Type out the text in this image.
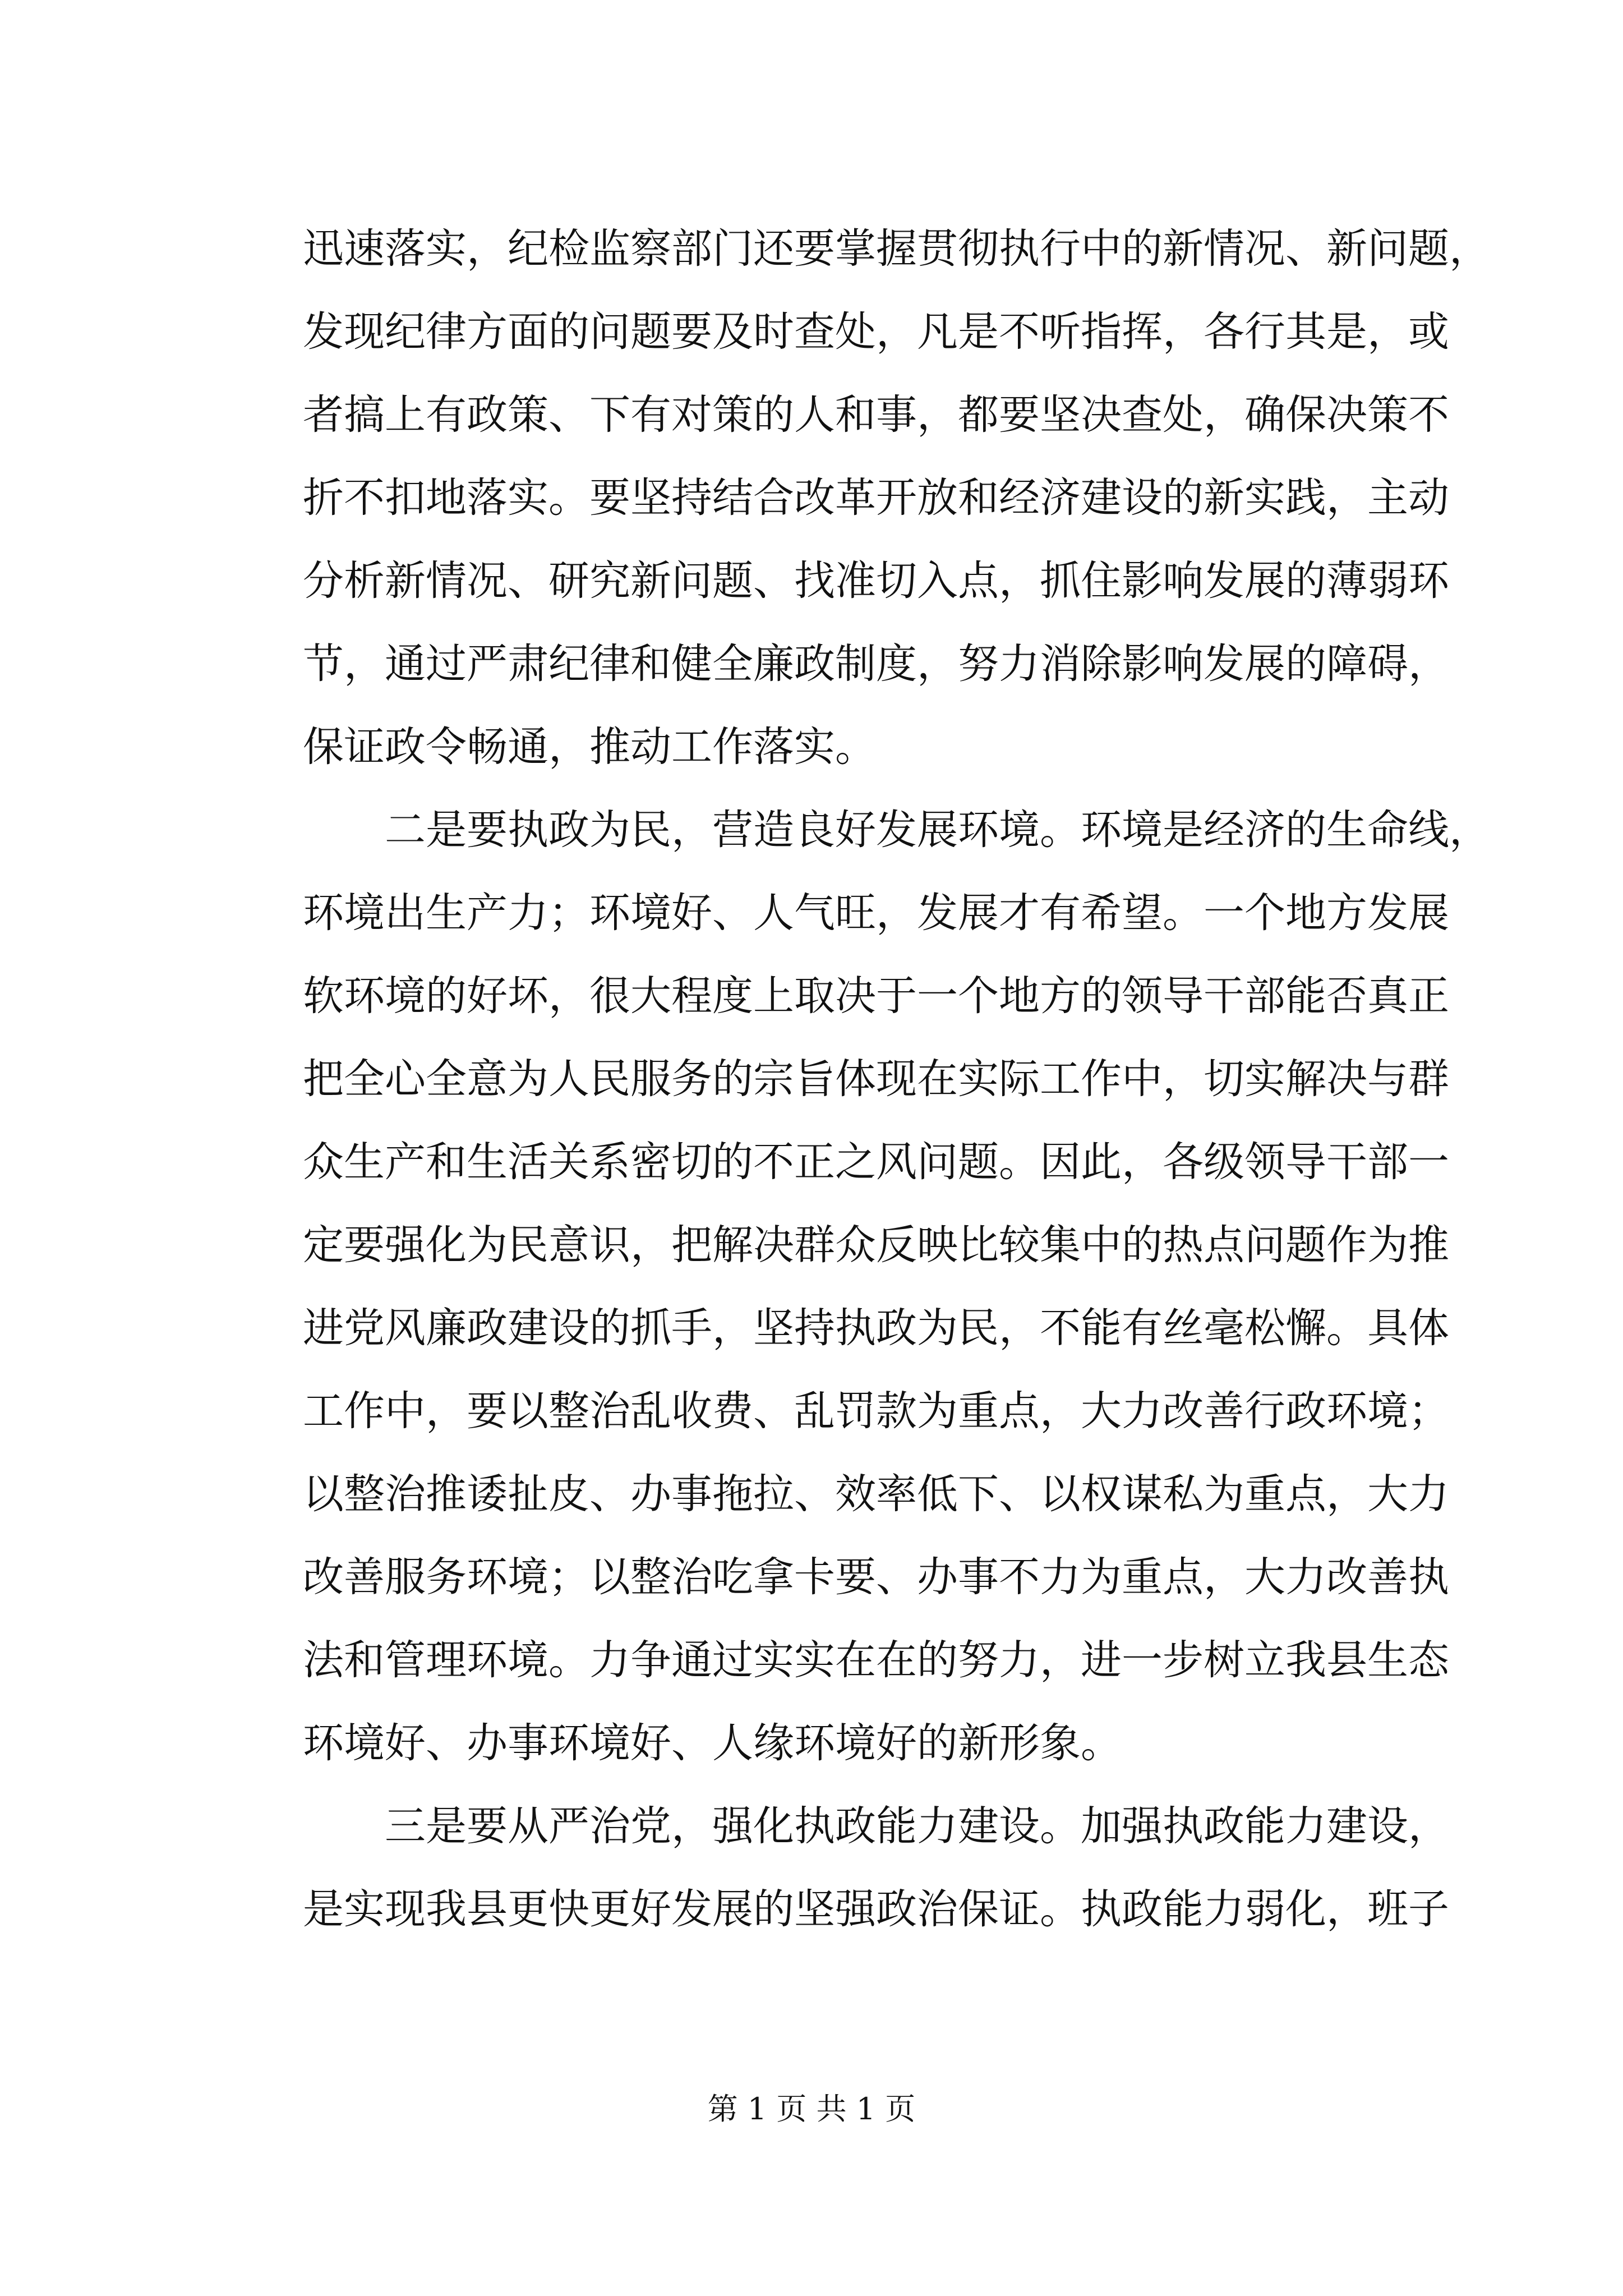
迅速落实，纪检监察部门还要掌握贯彻执行中的新情况、新问题，
发现纪律方面的问题要及时查处，凡是不听指挥，各行其是，或
者搞上有政策、下有对策的人和事，都要坚决查处，确保决策不
折不扣地落实。要坚持结合改革开放和经济建设的新实践，主动
分析新情况、研究新问题、找准切入点，抓住影响发展的薄弱环
节，通过严肃纪律和健全廉政制度，努力消除影响发展的障碍，
保证政令畅通，推动工作落实。
二是要执政为民，营造良好发展环境。环境是经济的生命线，
环境出生产力；环境好、人气旺，发展才有希望。一个地方发展
软环境的好坏，很大程度上取决于一个地方的领导干部能否真正
把全心全意为人民服务的宗旨体现在实际工作中，切实解决与群
众生产和生活关系密切的不正之风问题。因此，各级领导干部一
定要强化为民意识，把解决群众反映比较集中的热点问题作为推
进党风廉政建设的抓手，坚持执政为民，不能有丝毫松懈。具体
工作中，要以整治乱收费、乱罚款为重点，大力改善行政环境；
以整治推诿扯皮、办事拖拉、效率低下、以权谋私为重点，大力
改善服务环境；以整治吃拿卡要、办事不力为重点，大力改善执
法和管理环境。力争通过实实在在的努力，进一步树立我县生态
环境好、办事环境好、人缘环境好的新形象。
三是要从严治党，强化执政能力建设。加强执政能力建设，
是实现我县更快更好发展的坚强政治保证。执政能力弱化，班子
第 1 页 共 1 页
